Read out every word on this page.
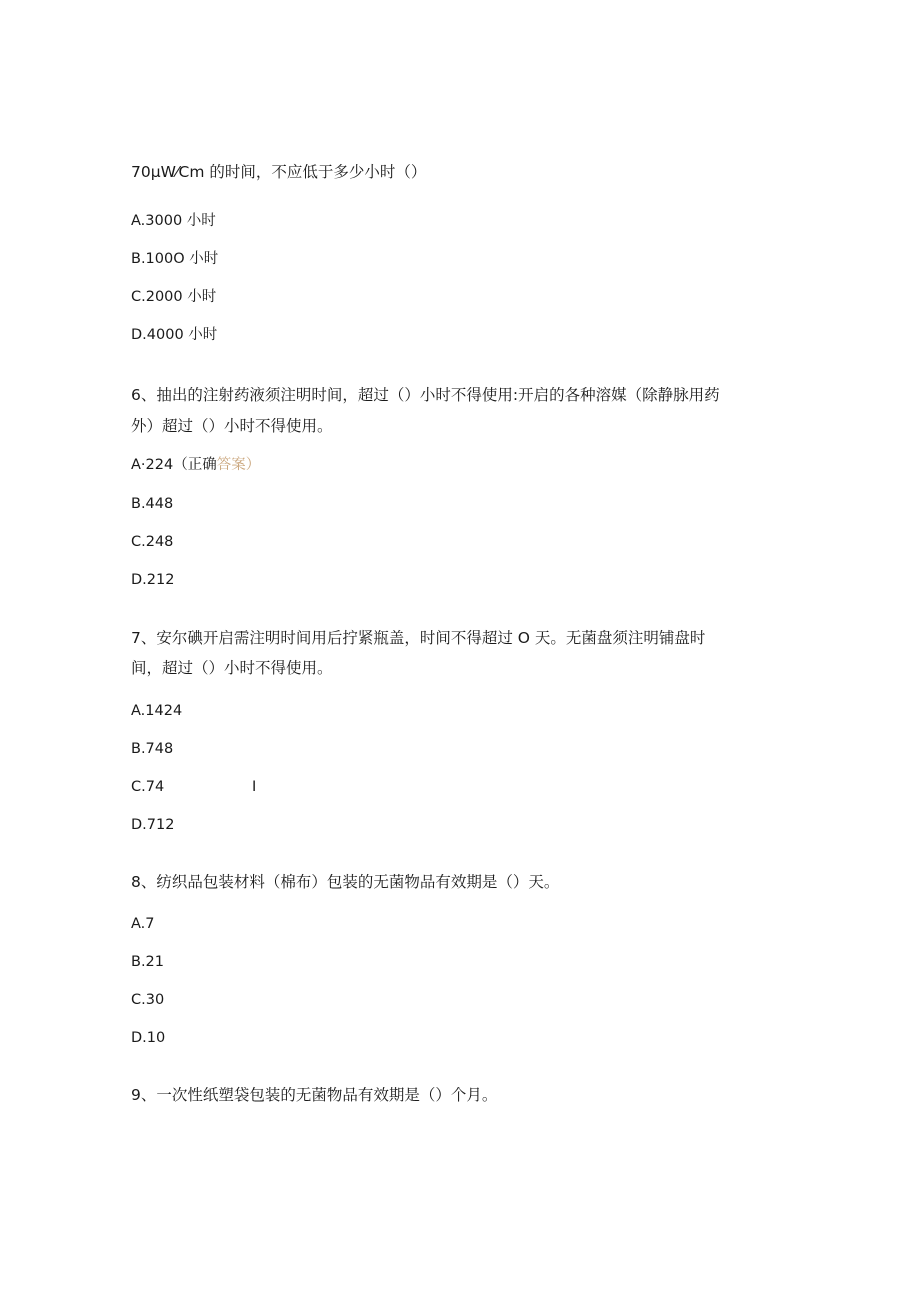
70μW⁄Cm 的时间，不应低于多少小时（）
A.3000 小时
B.100O 小时
C.2000 小时
D.4000 小时
6、抽出的注射药液须注明时间，超过（）小时不得使用:开启的各种溶媒（除静脉用药
外）超过（）小时不得使用。
A·224（正确答案）
B.448
C.248
D.212
7、安尔碘开启需注明时间用后拧紧瓶盖，时间不得超过 O 天。无菌盘须注明铺盘时
间，超过（）小时不得使用。
A.1424
B.748
C.74	I
D.712
8、纺织品包装材料（棉布）包装的无菌物品有效期是（）天。
A.7
B.21
C.30
D.10
9、一次性纸塑袋包装的无菌物品有效期是（）个月。
